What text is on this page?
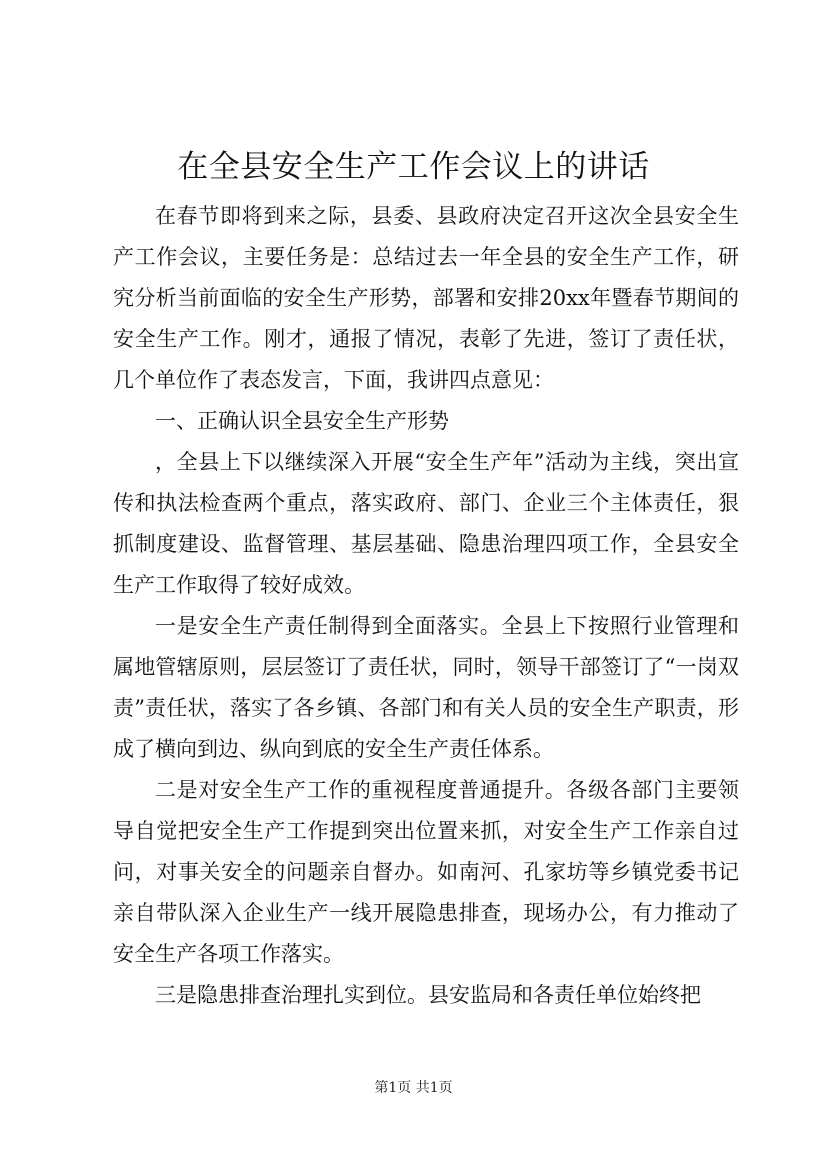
在全县安全生产工作会议上的讲话

在春节即将到来之际，县委、县政府决定召开这次全县安全生产工作会议，主要任务是：总结过去一年全县的安全生产工作，研究分析当前面临的安全生产形势，部署和安排20xx年暨春节期间的安全生产工作。刚才，通报了情况，表彰了先进，签订了责任状，几个单位作了表态发言，下面，我讲四点意见：

一、正确认识全县安全生产形势

，全县上下以继续深入开展“安全生产年”活动为主线，突出宣传和执法检查两个重点，落实政府、部门、企业三个主体责任，狠抓制度建设、监督管理、基层基础、隐患治理四项工作，全县安全生产工作取得了较好成效。

一是安全生产责任制得到全面落实。全县上下按照行业管理和属地管辖原则，层层签订了责任状，同时，领导干部签订了“一岗双责”责任状，落实了各乡镇、各部门和有关人员的安全生产职责，形成了横向到边、纵向到底的安全生产责任体系。

二是对安全生产工作的重视程度普通提升。各级各部门主要领导自觉把安全生产工作提到突出位置来抓，对安全生产工作亲自过问，对事关安全的问题亲自督办。如南河、孔家坊等乡镇党委书记亲自带队深入企业生产一线开展隐患排查，现场办公，有力推动了安全生产各项工作落实。

三是隐患排查治理扎实到位。县安监局和各责任单位始终把

第1页 共1页
